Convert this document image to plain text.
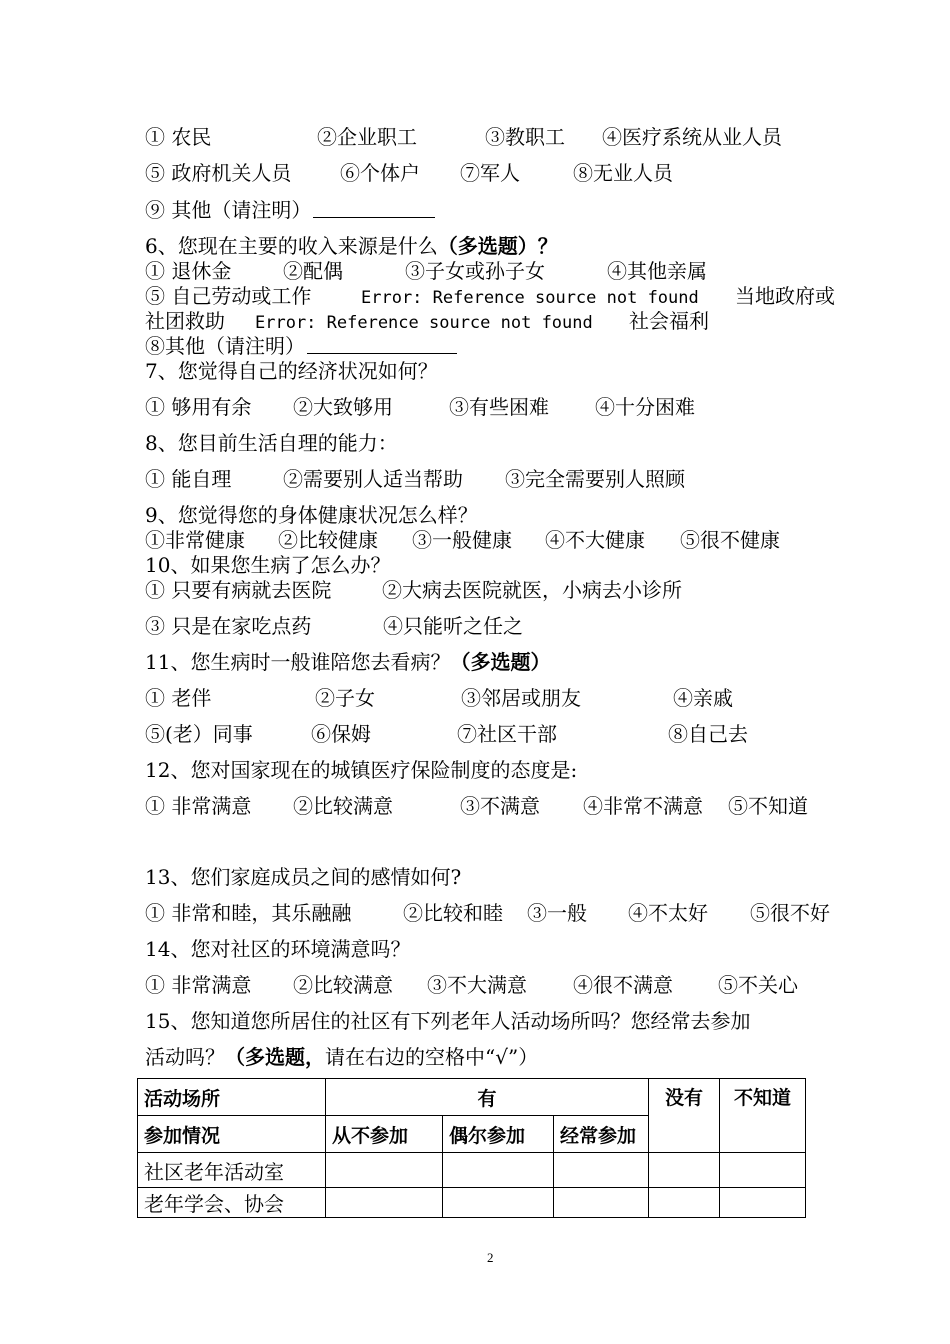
① 农民

	②企业职工

	③教职工

④医疗系统从业人员

⑤ 政府机关人员

⑥个体户

⑦军人

	⑧无业人员

⑨ 其他（请注明）

6、您现在主要的收入来源是什么（多选题）？

① 退休金

	②配偶

	③子女或孙子女

	④其他亲属

⑤ 自己劳动或工作

	Error: Reference source not found

当地政府或

社团救助

Error: Reference source not found

社会福利

⑧其他（请注明）

7、您觉得自己的经济状况如何？

① 够用有余

②大致够用

	③有些困难

④十分困难

8、您目前生活自理的能力：

① 能自理

	②需要别人适当帮助

③完全需要别人照顾

9、您觉得您的身体健康状况怎么样？

①非常健康

②比较健康

③一般健康

④不大健康

⑤很不健康

10、如果您生病了怎么办？

① 只要有病就去医院

	②大病去医院就医，小病去小诊所

③ 只是在家吃点药

	④只能听之任之

11、您生病时一般谁陪您去看病？（多选题）

① 老伴

	②子女

	③邻居或朋友

	④亲戚

⑤(老）同事

	⑥保姆

	⑦社区干部

	⑧自己去

12、您对国家现在的城镇医疗保险制度的态度是:

① 非常满意

②比较满意

	③不满意

④非常不满意

⑤不知道

13、您们家庭成员之间的感情如何?

① 非常和睦，其乐融融

	②比较和睦

③一般

④不太好

⑤很不好

14、您对社区的环境满意吗？

① 非常满意

②比较满意

③不大满意

④很不满意

⑤不关心

15、您知道您所居住的社区有下列老年人活动场所吗？您经常去参加

活动吗？（多选题，请在右边的空格中“√”）

活动场所	有			没有	不知道
参加情况	从不参加	偶尔参加	经常参加		
社区老年活动室					
老年学会、协会					
2
